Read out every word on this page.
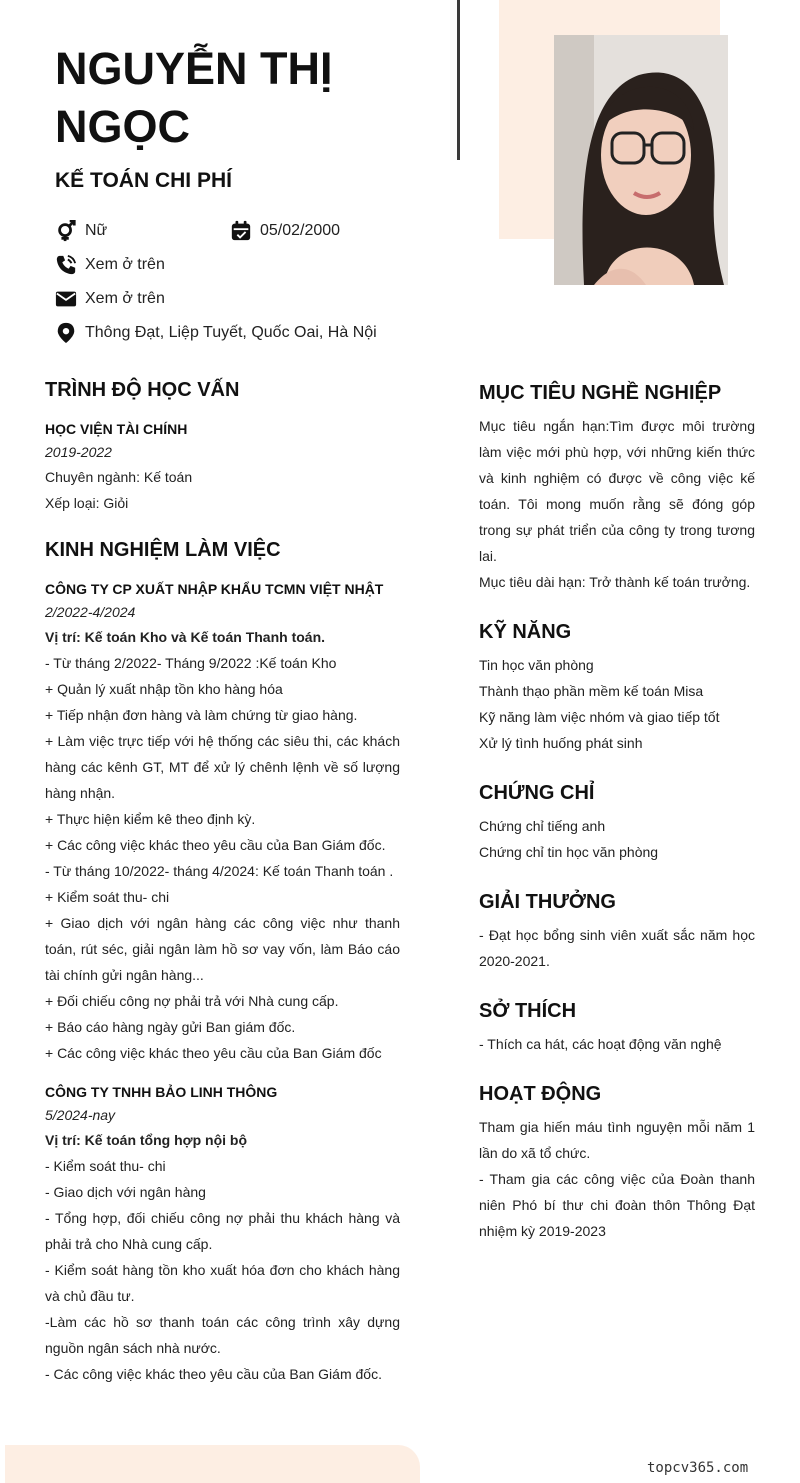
NGUYỄN THỊ NGỌC
KẾ TOÁN CHI PHÍ
Nữ	05/02/2000
Xem ở trên
Xem ở trên
Thông Đạt, Liệp Tuyết, Quốc Oai, Hà Nội
TRÌNH ĐỘ HỌC VẤN
HỌC VIỆN TÀI CHÍNH
2019-2022

Chuyên ngành: Kế toán

Xếp loại: Giỏi

KINH NGHIỆM LÀM VIỆC
CÔNG TY CP XUẤT NHẬP KHẨU TCMN VIỆT NHẬT
2/2022-4/2024

Vị trí: Kế toán Kho và Kế toán Thanh toán.

- Từ tháng 2/2022- Tháng 9/2022 :Kế toán Kho

+ Quản lý xuất nhập tồn kho hàng hóa

+ Tiếp nhận đơn hàng và làm chứng từ giao hàng.

+ Làm việc trực tiếp với hệ thống các siêu thi, các khách hàng các kênh GT, MT để xử lý chênh lệnh về số lượng hàng nhận.

+ Thực hiện kiểm kê theo định kỳ.

+ Các công việc khác theo yêu cầu của Ban Giám đốc.

- Từ tháng 10/2022- tháng 4/2024: Kế toán Thanh toán .

+ Kiểm soát thu- chi

+ Giao dịch với ngân hàng các công việc như thanh toán, rút séc, giải ngân làm hồ sơ vay vốn, làm Báo cáo tài chính gửi ngân hàng...

+ Đối chiếu công nợ phải trả với Nhà cung cấp.

+ Báo cáo hàng ngày gửi Ban giám đốc.

+ Các công việc khác theo yêu cầu của Ban Giám đốc

CÔNG TY TNHH BẢO LINH THÔNG
5/2024-nay

Vị trí: Kế toán tổng hợp nội bộ

- Kiểm soát thu- chi

- Giao dịch với ngân hàng

- Tổng hợp, đối chiếu công nợ phải thu khách hàng và phải trả cho Nhà cung cấp.

- Kiểm soát hàng tồn kho xuất hóa đơn cho khách hàng và chủ đầu tư.

-Làm các hồ sơ thanh toán các công trình xây dựng nguồn ngân sách nhà nước.

- Các công việc khác theo yêu cầu của Ban Giám đốc.

MỤC TIÊU NGHỀ NGHIỆP

Mục tiêu ngắn hạn:Tìm được môi trường làm việc mới phù hợp, với những kiến thức và kinh nghiệm có được về công việc kế toán. Tôi mong muốn rằng sẽ đóng góp trong sự phát triển của công ty trong tương lai.

Mục tiêu dài hạn: Trở thành kế toán trưởng.

KỸ NĂNG

Tin học văn phòng

Thành thạo phần mềm kế toán Misa

Kỹ năng làm việc nhóm và giao tiếp tốt

Xử lý tình huống phát sinh

CHỨNG CHỈ

Chứng chỉ tiếng anh

Chứng chỉ tin học văn phòng

GIẢI THƯỞNG
- Đạt học bổng sinh viên xuất sắc năm học 2020-2021.
SỞ THÍCH
- Thích ca hát, các hoạt động văn nghệ
HOẠT ĐỘNG

Tham gia hiến máu tình nguyện mỗi năm 1 lần do xã tổ chức.

- Tham gia các công việc của Đoàn thanh niên Phó bí thư chi đoàn thôn Thông Đạt nhiệm kỳ 2019-2023

topcv365.com
